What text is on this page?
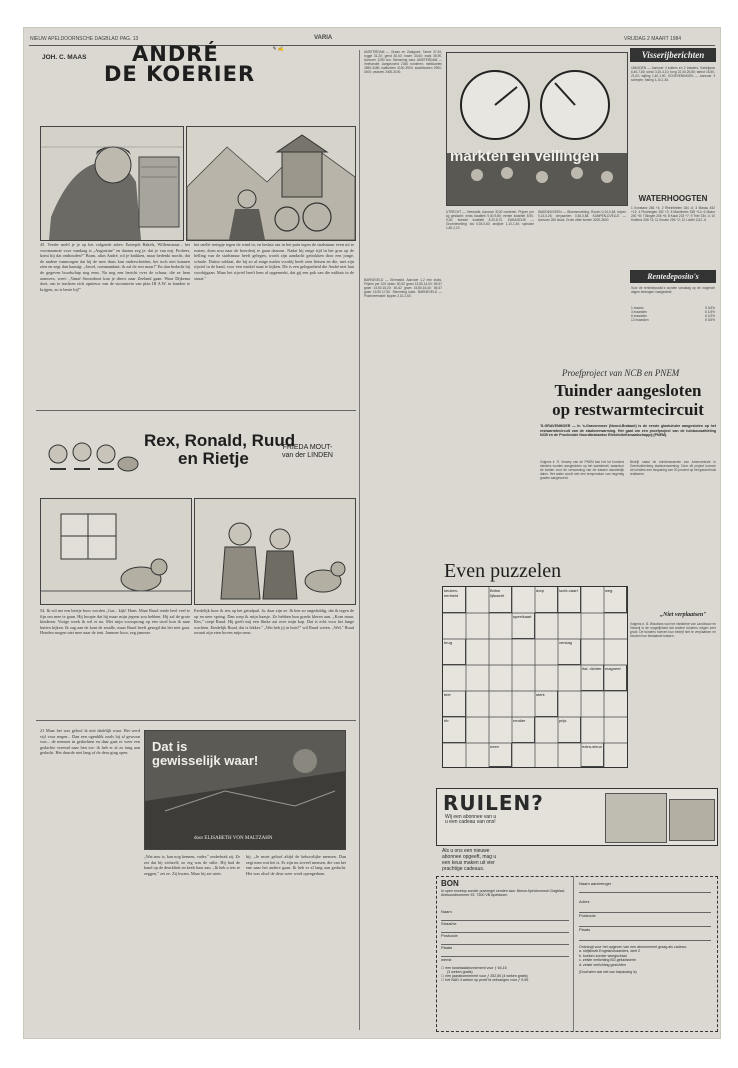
NIEUW APELDOORNSCHE DAGBLAD PAG. 13	VARIA	VRIJDAG 2 MAART 1984
JOH. C. MAAS	ANDRÉ
DE KOERIER
✎ ✍
45. Verder meld je je op het volgende adres: Entrepôt Bakels, Willemstraat... het voornaamste voor vandaag is „Augustine" en daarna zeg je: dat je van mij. Probeer, komt hij dat onthouden?" Bram, alias André, rol je knikken, maar bedenkt mocht, dat de andere vanmorgen dat hij de mee thuis kan onderscheiden, het toch niet kunnen zien en zegt dan haastig: „Jawel, commandant; ik zal de rest maar!" En dan bedacht hij de gegeven boodschap nog eens. Na nog een bericht over de schuur, die ze hem aanwees, weet: „Vanaf Stoomboot kun je direct naar Zeeland gaan. Waar Dijkema doet, om te trachten zich opnieuw van de stoomtrein van plan III A.W. in handen te krijgen, zo is beste hij!"
het snelle treinpje tegen de wind in, en besluit om in het puin tegen de stadsmuur even uit te rusten, doen nou naar de boerderij te gaan daarom. Nadat hij enige tijd in het gras op de helling van de stadsmuur heeft gelegen, wordt zijn aandacht getrokken door een jonge, schrale. Duitse soldaat, die bij zo al enige malen voorbij heeft zien fietsen en die, met zijn rijwiel in de hand, voor een winkel staat te kijken. Dit is een gelegenheid die André niet laat voorbijgaan. Maar het rijwiel heeft hem al opgemerkt, dat gij een pak van die militair in de straat."
Rex, Ronald, Ruud
en Rietje
FRIEDA MOUT-
van der LINDEN
54. Ik wil me een beetje boos worden „Gar... kijk! Hans. Maar Ruud rende heel veel te fijn om mee te gaan. Hij hoopte dat hij maar mijn jegens zou hebben. Hij zal de grote kinderen. Vorige week ik wil er na. Met mijn voorsprong op een stoel kon ik naar buiten kijken. Ik zag aan de kant de smalle, maar Ruud heeft gezegd dat het niet gaat. Honden mogen niet mee naar de tent. Jammer hoor, zeg jammer.
Eerdelijk hoor ik iets op het grindpad. Ja, daar zijn ze. Ik ben zo ongeduldig, dat ik tegen de op en neer spring. Dan roep ik mijn baasje. Ze hebben hun goeda kleren aan. „Kom maar, Rex," roept Ruud. Hij geeft mij een flinke aai over mijn kop. Dat is echt voor het lange wachten. Eindelijk Ruud, dat is lekker." „Wat heb jij in huis?" wil Ruud weten. „Wel," Ruud zwaait zijn eten boven mijn neus.
21 Maar het was geloof ik niet dadelijk waar. Het werd vijf voor negen... Dan een ogenblik zoals hij al gewoon was... de mensen in gedachten en daar gaat er weer een gedachte vreemd naar hen toe: ik heb er al zo lang aan gedacht. Het duurde niet lang of de deur ging open.	Dat is
gewisselijk waar!
door ELISABETH VON MALTZAHN
„Wat nou is, kan nog kennen, vader," onderbrak zij. Ze zei dat bij zichzelf; zo erg was de stilte. Hij had de hand op de deurklink en keek haar aan. „Ik heb u iets te zeggen," zei ze. Zij kwam. Maar hij zei niets.
hij. „Je moet geloof altijd de behoorlijke mensen. Dan zegt men wat het is. Er zijn nu zoveel mensen, die van het ene naar het andere gaan. Ik heb er al lang aan gedacht. Het was alsof de deur weer werd opengedaan.
AMSTERDAM — Graan en Zaaigoed. Tarwe 37,40; rogge 31,20; gerst 36,40; haver 34,60; mais 35,90. Aanvoer 1250 ton. Stemming vast. AMSTERDAM — Veehandel: Aangevoerd 2340 runderen; melkkoeien 2850-3450; kalfkoeien 3100-3900; slachtkoeien 2900-3400; vaarzen 2400-3100.
BARNEVELD — Eiermarkt. Aanvoer 1,2 mln stuks. Prijzen per 100 stuks: 50-52 gram 13,50-14,00; 55-57 gram 14,50-15,20; 60-62 gram 15,80-16,40; 65-67 gram 16,90-17,50. Stemming kalm. BARNEVELD — Pluimveemarkt: kippen 2,10-2,60.
markten en veilingen
UTRECHT — Veemarkt. Aanvoer 3130 runderen. Prijzen per kg geslacht: extra kwaliteit 9,40-9,80; eerste kwaliteit 8,90-9,30; tweede kwaliteit 8,20-8,70. ZWAAGDIJK — Groenteveiling: sla 0,35-0,60; andijvie 1,10-1,40; spinazie 1,80-2,20.
WADDINXVEEN — Bloemenveiling. Rozen 0,24-0,48; tulpen 0,14-0,26; chrysanten 0,36-0,58. KAMPEN-DVELLE — Aanvoer 260 stuks. Grote vette koeien 3200-3600.
Visserijberichten
IJMUIDEN — Aanvoer 4 kotters en 2 trawlers. Kabeljauw 6,40-7,80; schol 3,20-4,10; tong 22,40-26,80; tarbot 18,50-21,00; wijting 1,40-1,90. SCHEVENINGEN — Aanvoer 3 schepen; haring 1,10-1,45.
WATERHOOGTEN
1 Konstanz 266 +4; 2 Rheinfelden 184 -6; 3 Maxau 452 +12; 4 Plochingen 152 +2; 5 Mannheim 338 +14; 6 Mainz 240 +8; 7 Bingen 206 +6; 8 Kaub 218 +7; 9 Trier 234 -4; 10 Koblenz 256 +3; 11 Keulen 296 +2; 12 Lobith 1112 -6.
Rentedeposito's
Voor de rentedeposito's worden vandaag op de volgende dagen bedragen vastgesteld:
1 maand	5 3/4%
3 maanden	6 1/4%
6 maanden	6 1/2%
12 maanden	6 3/4%
Proefproject van NCB en PNEM
Tuinder aangesloten
op restwarmtecircuit
'S-GRAVENMOER — In 's-Gravenmoer (Noord-Brabant) is de eerste glastuinder aangesloten op het restwarmtecircuit van de stadsverwarming. Het gaat om een proefproject van de tuinbouwafdeling NCB en de Provinciale Noordbrabantse Elektriciteitsmaatschappij (PNEM).
Volgens ir. R. Verwey van de PNEM kan het tot honderd tuinders worden aangesloten op het warmtenet, waardoor de kosten voor de verwarming van de kassen aanzienlijk dalen. Het water wordt met een temperatuur van negentig graden aangevoerd.
Bedrijf naast de tuinderswarmte van Amercentrale in Geertruidenberg stadsverwarming. Door dit project kunnen de tuinders een besparing van 30 procent op het gasverbruik realiseren.
„Niet verplaatsen"
Volgens ir. B. Woudstra van het ministerie van Landbouw en Visserij is de mogelijkheid dat andere tuinders volgen zeer groot. De tuinders hoeven hun bedrijf niet te verplaatsen en houden hun bestaande kassen.
Even puzzelen
keuken-eenheid
Britse lijfwacht
dorp	lucht-vaart	weg
brug
speelkaart
verslag
teer
Ital. dichter magneet
sterk
rib	rendier	prijs
neen	extra-steun
RUILEN?
Wij een abonnee van u
u een cadeau van ons!
Als u ons een nieuwe
abonnee opgeeft, mag u
een keus maken uit vier
prachtige cadeaus.
BON
In open envelop zonder postzegel zenden aan: Nieuw Apeldoornsch Dagblad, Antwoordnummer 93, 7300 VB Apeldoorn
Naam
Straat/nr.
Postcode
Plaats
wenst
☐ een kwartaalabonnement voor ƒ 64,15
(3 weken gratis)
☐ een jaarabonnement voor ƒ 252,50 (4 weken gratis)
☐ het NAD 4 weken op proef te ontvangen voor ƒ 9,95.
Naam aanbrenger
Adres
Postcode
Plaats
Ontvangt voor het opgeven van een abonnement graag als cadeau:
a. strijkboek Engelandvaarders, deel 2
b. koeken zonder weegschaal
c. zeiste verlichting BO-geluidsserie
d. zeiste verlichting gezichten
(Doorhalen wat niet van toepassing is)
